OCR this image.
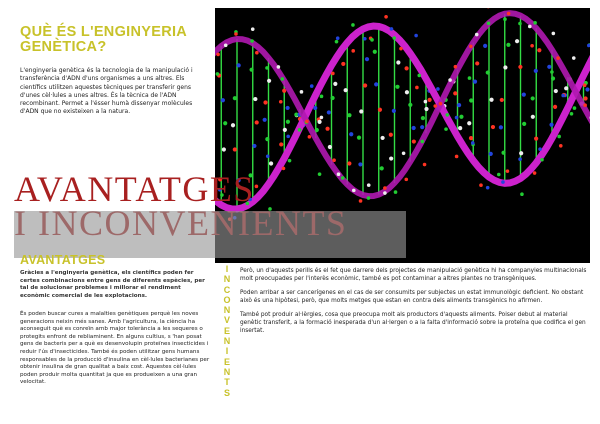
QUÈ ÉS L'ENGINYERIA GENÈTICA?
L'enginyeria genètica és la tecnologia de la manipulació i transferència d'ADN d'uns organismes a uns altres. Els científics utilitzen aquestes tècniques per transferir gens d'unes cèl·lules a unes altres. És la tècnica de l'ADN recombinant. Permet a l'ésser humà dissenyar molècules d'ADN que no existeixen a la natura.
AVANTATGES
AVANTATGES
Gràcies a l'enginyeria genètica, els científics poden fer certes combinacions entre gens de diferents espècies, per tal de solucionar problemes i millorar el rendiment econòmic comercial de les explotacions.
És poden buscar cures a malalties genètiques perquè les noves generacions neixin més sanes. Amb l'agricultura, la ciència ha aconseguit què es conreïn amb major tolerància a les sequeres o protegits enfront de rebliaminent. En alguns cultius, s 'han posat gens de bacteris per a què es desenvolupin proteïnes insecticides i reduir l'ús d'insecticides. També és poden utilitzar gens humans responsables de la producció d'insulina en cèl·lules bacterianes per obtenir insulina de gran qualitat a baix cost. Aquestes cèl·lules poden produir molta quantitat ja que es produeixen a una gran velocitat.
I
N
C
O
N
V
E
N
I
E
N
T
S

Però, un d'aquests perills és el fet que darrere dels projectes de manipulació genètica hi ha companyies multinacionals molt preocupades per l'interès econòmic, també es pot contaminar a altres plantes no transgèniques.

Poden arribar a ser cancerígenes en el cas de ser consumits per subjectes un estat immunològic deficient. No obstant això és una hipòtesi, però, que molts metges que estan en contra dels aliments transgènics ho afirmen.

També pot produir al·lèrgies, cosa que preocupa molt als productors d'aquests aliments. Poiser debut al material genètic transferit, a la formació inesperada d'un al·lergen o a la falta d'informació sobre la proteïna que codifica el gen insertat.
